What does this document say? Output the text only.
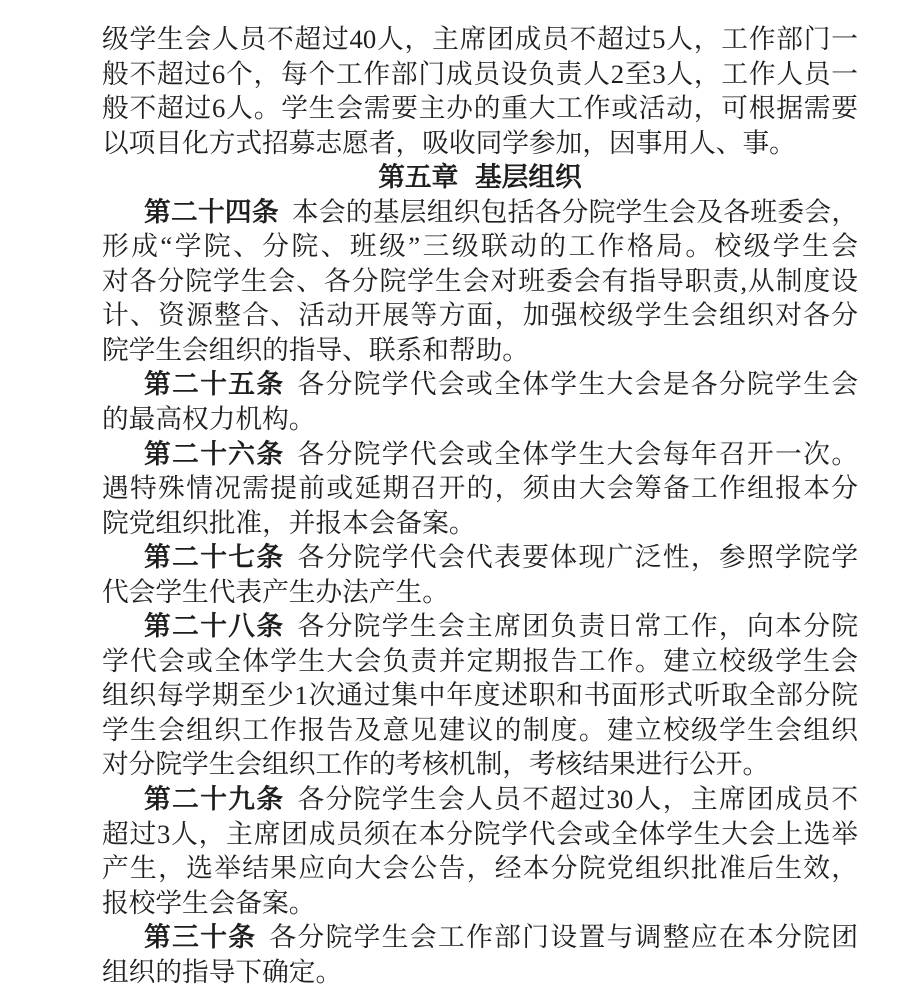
级学生会人员不超过40人，主席团成员不超过5人，工作部门一
般不超过6个，每个工作部门成员设负责人2至3人，工作人员一
般不超过6人。学生会需要主办的重大工作或活动，可根据需要
以项目化方式招募志愿者，吸收同学参加，因事用人、事。
第五章 基层组织
第二十四条 本会的基层组织包括各分院学生会及各班委会，
形成“学院、分院、班级”三级联动的工作格局。校级学生会
对各分院学生会、各分院学生会对班委会有指导职责,从制度设
计、资源整合、活动开展等方面，加强校级学生会组织对各分
院学生会组织的指导、联系和帮助。
第二十五条 各分院学代会或全体学生大会是各分院学生会
的最高权力机构。
第二十六条 各分院学代会或全体学生大会每年召开一次。
遇特殊情况需提前或延期召开的，须由大会筹备工作组报本分
院党组织批准，并报本会备案。
第二十七条 各分院学代会代表要体现广泛性，参照学院学
代会学生代表产生办法产生。
第二十八条 各分院学生会主席团负责日常工作，向本分院
学代会或全体学生大会负责并定期报告工作。建立校级学生会
组织每学期至少1次通过集中年度述职和书面形式听取全部分院
学生会组织工作报告及意见建议的制度。建立校级学生会组织
对分院学生会组织工作的考核机制，考核结果进行公开。
第二十九条 各分院学生会人员不超过30人，主席团成员不
超过3人，主席团成员须在本分院学代会或全体学生大会上选举
产生，选举结果应向大会公告，经本分院党组织批准后生效，
报校学生会备案。
第三十条 各分院学生会工作部门设置与调整应在本分院团
组织的指导下确定。
